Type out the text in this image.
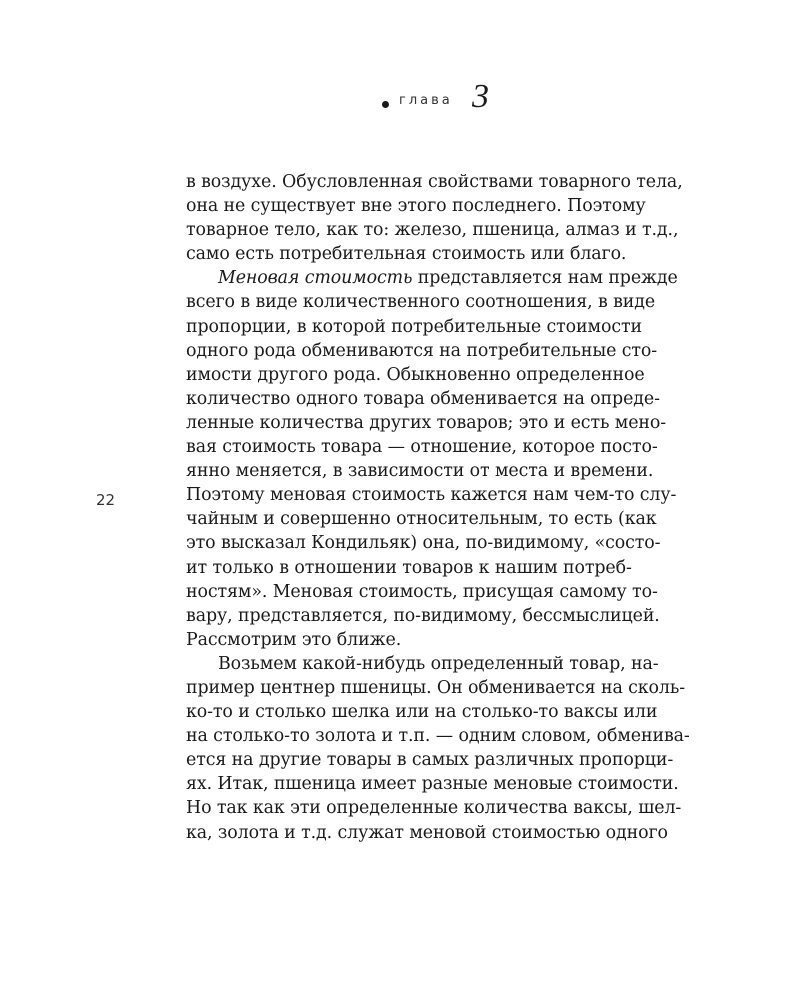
глава 3
22
в воздухе. Обусловленная свойствами товарного тела,
она не существует вне этого последнего. Поэтому
товарное тело, как то: железо, пшеница, алмаз и т.д.,
само есть потребительная стоимость или благо.
Меновая стоимость представляется нам прежде
всего в виде количественного соотношения, в виде
пропорции, в которой потребительные стоимости
одного рода обмениваются на потребительные сто-
имости другого рода. Обыкновенно определенное
количество одного товара обменивается на опреде-
ленные количества других товаров; это и есть мено-
вая стоимость товара — отношение, которое посто-
янно меняется, в зависимости от места и времени.
Поэтому меновая стоимость кажется нам чем-то слу-
чайным и совершенно относительным, то есть (как
это высказал Кондильяк) она, по-видимому, «состо-
ит только в отношении товаров к нашим потреб-
ностям». Меновая стоимость, присущая самому то-
вару, представляется, по-видимому, бессмыслицей.
Рассмотрим это ближе.
Возьмем какой-нибудь определенный товар, на-
пример центнер пшеницы. Он обменивается на сколь-
ко-то и столько шелка или на столько-то ваксы или
на столько-то золота и т.п. — одним словом, обменива-
ется на другие товары в самых различных пропорци-
ях. Итак, пшеница имеет разные меновые стоимости.
Но так как эти определенные количества ваксы, шел-
ка, золота и т.д. служат меновой стоимостью одного
